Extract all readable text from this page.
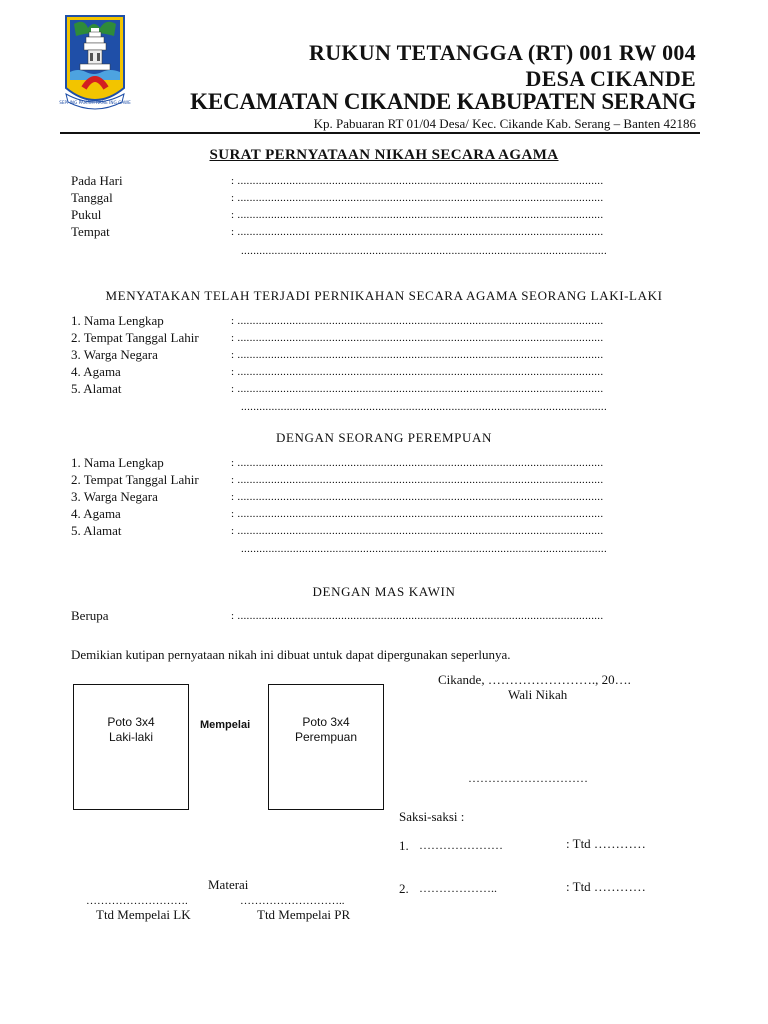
SEPI ING PAMRIH RAME ING GAWE
RUKUN TETANGGA (RT) 001 RW 004
DESA CIKANDE
KECAMATAN CIKANDE KABUPATEN SERANG
Kp. Pabuaran RT 01/04 Desa/ Kec. Cikande Kab. Serang – Banten 42186
SURAT PERNYATAAN NIKAH SECARA AGAMA
Pada Hari	: ........................................................................................................................
Tanggal	: ........................................................................................................................
Pukul	: ........................................................................................................................
Tempat	: ........................................................................................................................
........................................................................................................................
MENYATAKAN TELAH TERJADI PERNIKAHAN SECARA AGAMA SEORANG LAKI-LAKI
1. Nama Lengkap	: ........................................................................................................................
2. Tempat Tanggal Lahir	: ........................................................................................................................
3. Warga Negara	: ........................................................................................................................
4. Agama	: ........................................................................................................................
5. Alamat	: ........................................................................................................................
........................................................................................................................
DENGAN SEORANG PEREMPUAN
1. Nama Lengkap	: ........................................................................................................................
2. Tempat Tanggal Lahir	: ........................................................................................................................
3. Warga Negara	: ........................................................................................................................
4. Agama	: ........................................................................................................................
5. Alamat	: ........................................................................................................................
........................................................................................................................
DENGAN MAS KAWIN
Berupa	: ........................................................................................................................
Demikian kutipan pernyataan nikah ini dibuat untuk dapat dipergunakan seperlunya.
Poto 3x4
Laki-laki
Mempelai	Poto 3x4
Perempuan
Cikande, ……………………., 20….
Wali Nikah
…………………………
Saksi-saksi :
1. …………………	: Ttd …………
2. ………………..	: Ttd …………
Materai
……………………….	………………………..
Ttd Mempelai LK	Ttd Mempelai PR
